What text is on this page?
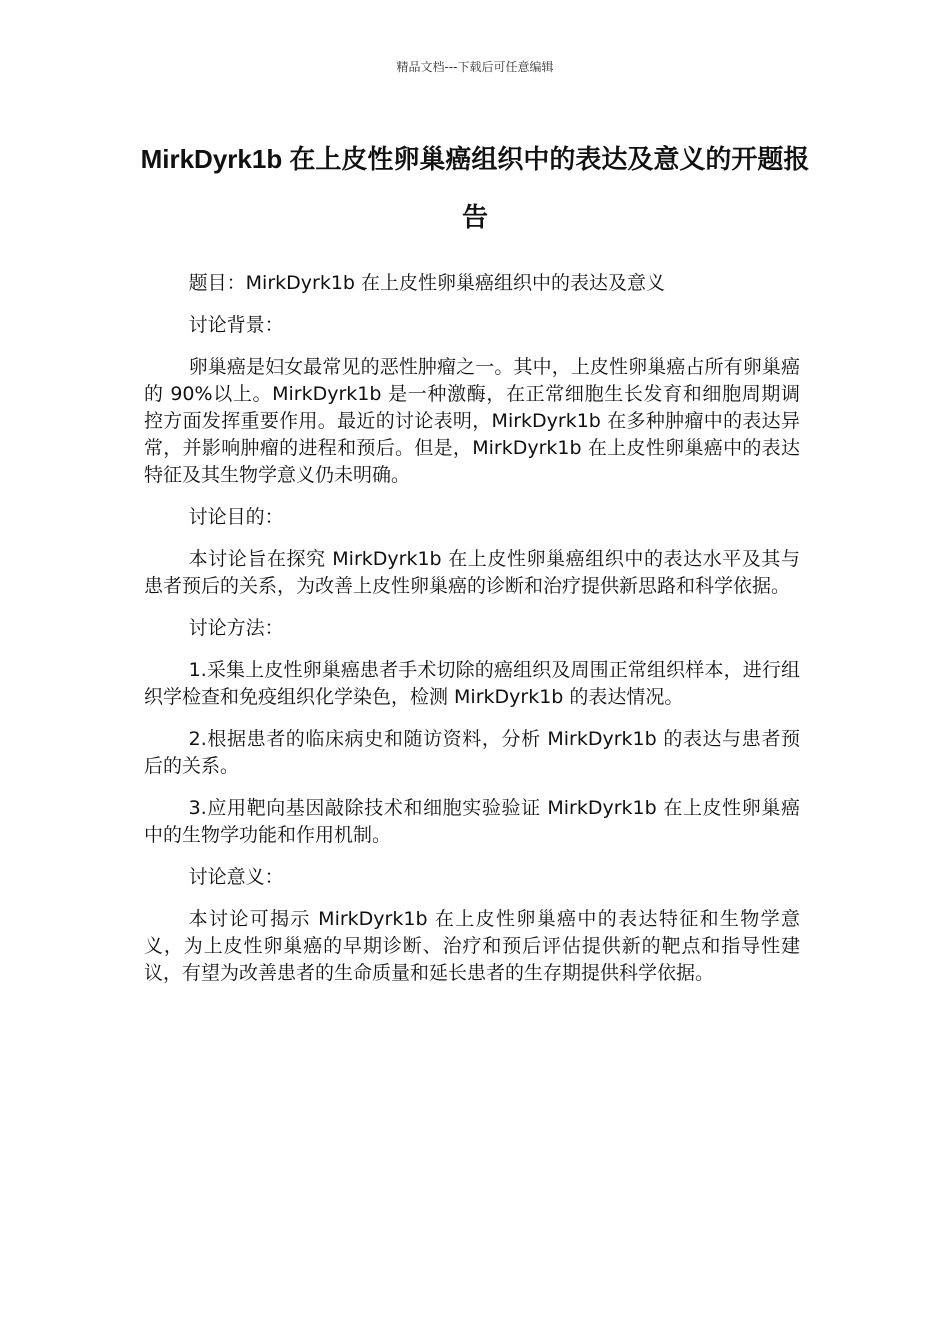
精品文档---下载后可任意编辑
MirkDyrk1b 在上皮性卵巢癌组织中的表达及意义的开题报告

题目：MirkDyrk1b 在上皮性卵巢癌组织中的表达及意义

讨论背景：

卵巢癌是妇女最常见的恶性肿瘤之一。其中，上皮性卵巢癌占所有卵巢癌的 90%以上。MirkDyrk1b 是一种激酶，在正常细胞生长发育和细胞周期调控方面发挥重要作用。最近的讨论表明，MirkDyrk1b 在多种肿瘤中的表达异常，并影响肿瘤的进程和预后。但是，MirkDyrk1b 在上皮性卵巢癌中的表达特征及其生物学意义仍未明确。

讨论目的：

本讨论旨在探究 MirkDyrk1b 在上皮性卵巢癌组织中的表达水平及其与患者预后的关系，为改善上皮性卵巢癌的诊断和治疗提供新思路和科学依据。

讨论方法：

1.采集上皮性卵巢癌患者手术切除的癌组织及周围正常组织样本，进行组织学检查和免疫组织化学染色，检测 MirkDyrk1b 的表达情况。

2.根据患者的临床病史和随访资料，分析 MirkDyrk1b 的表达与患者预后的关系。

3.应用靶向基因敲除技术和细胞实验验证 MirkDyrk1b 在上皮性卵巢癌中的生物学功能和作用机制。

讨论意义：

本讨论可揭示 MirkDyrk1b 在上皮性卵巢癌中的表达特征和生物学意义，为上皮性卵巢癌的早期诊断、治疗和预后评估提供新的靶点和指导性建议，有望为改善患者的生命质量和延长患者的生存期提供科学依据。
